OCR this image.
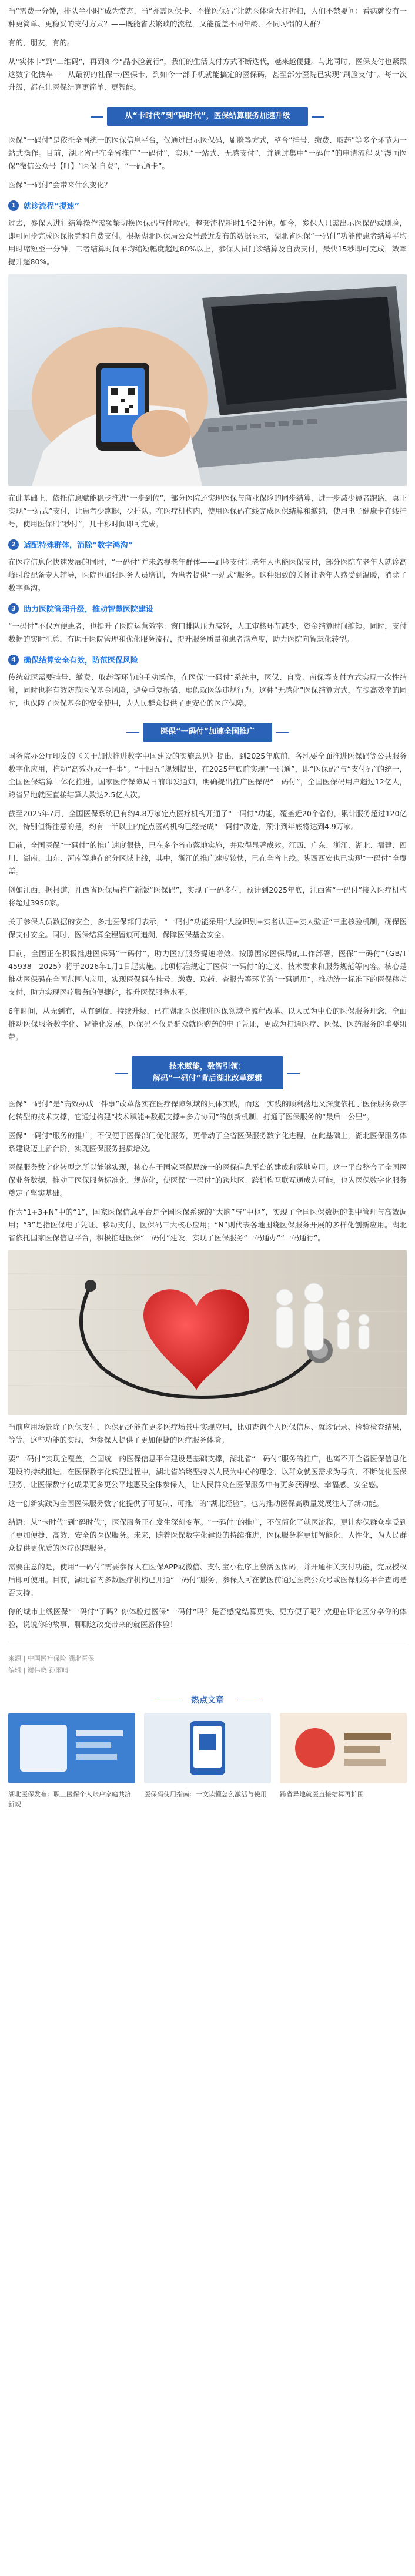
当“需费一分钟，排队半小时”成为常态，当“亦需医保卡、不懂医保码”让就医体验大打折扣，人们不禁要问：看病就没有一种更简单、更稳妥的支付方式？——既能省去繁琐的流程，又能覆盖不同年龄、不同习惯的人群？

有的，朋友，有的。

从“实体卡”到“二维码”，再到如今“晶小脸就行”，我们的生活支付方式不断迭代，越来越便捷。与此同时，医保支付也紧跟这数字化快车——从最初的社保卡/医保卡，到如今一部手机就能搞定的医保码，甚至部分医院已实现“刷脸支付”。每一次升级，都在让医保结算更简单、更智能。

从“卡时代”到“码时代”，医保结算服务加速升级

医保“一码付”是依托全国统一的医保信息平台，仅通过出示医保码，刷脸等方式，整合“挂号、缴费、取药”等多个环节为一站式操作。目前，湖北省已在全省推广“一码付”，实现“一站式、无感支付”，并通过集中“一码付”的申请流程以“漫画医保”微信公众号【叮】“医保·自费”，“一码通卡”。

医保“一码付”会带来什么变化？

1	就诊流程“提速”

过去，参保人进行结算操作需频繁切换医保码与付款码，整套流程耗时1至2分钟。如今，参保人只需出示医保码或刷脸，即可同步完成医保报销和自费支付。根据湖北医保局公众号最近发布的数据显示，湖北省医保“一码付”功能使患者结算平均用时缩短至一分钟，二者结算时间平均缩短幅度超过80%以上，参保人员门诊结算及自费支付，最快15秒即可完成，效率提升超80%。

在此基础上，依托信息赋能稳步推进“一步到位”，部分医院还实现医保与商业保险的同步结算，进一步减少患者跑路，真正实现“一站式”支付，让患者少跑腿，少排队。在医疗机构内，使用医保码在线完成医保结算和缴纳，使用电子健康卡在线挂号，使用医保码“秒付”，几十秒时间即可完成。

2	适配特殊群体，消除“数字鸿沟”

在医疗信息化快速发展的同时，“一码付”并未忽视老年群体——刷脸支付让老年人也能医保支付，部分医院在老年人就诊高峰时段配备专人辅导，医院也加强医务人员培训，为患者提供“一站式”服务。这种细致的关怀让老年人感受到温暖，消除了数字鸿沟。

3	助力医院管理升级，推动智慧医院建设

“一码付”不仅方便患者，也提升了医院运营效率：窗口排队压力减轻，人工审核环节减少，资金结算时间缩短。同时，支付数据的实时汇总，有助于医院管理和优化服务流程，提升服务质量和患者满意度，助力医院向智慧化转型。

4	确保结算安全有效，防范医保风险

传统就医需要挂号、缴费、取药等环节的手动操作，在医保“一码付”系统中，医保、自费、商保等支付方式实现一次性结算，同时也将有效防范医保基金风险，避免重复报销、虚假就医等违规行为。这种“无感化”医保结算方式，在提高效率的同时，也保障了医保基金的安全使用，为人民群众提供了更安心的医疗保障。

医保“一码付”加速全国推广

国务院办公厅印发的《关于加快推进数字中国建设的实施意见》提出，到2025年底前，各地要全面推进医保码等公共服务数字化应用，推动“高效办成一件事”。“十四五”规划提出，在2025年底前实现“一码通”，即“医保码”与“支付码”的统一，全国医保结算一体化推进。国家医疗保障局日前印发通知，明确提出推广医保码“一码付”，全国医保码用户超过12亿人，跨省异地就医直接结算人数达2.5亿人次。

截至2025年7月，全国医保系统已有约4.8万家定点医疗机构开通了“一码付”功能，覆盖近20个省份，累计服务超过120亿次，特别值得注意的是，约有一半以上的定点医药机构已经完成“一码付”改造，预计到年底将达到4.9万家。

目前，全国医保“一码付”的推广速度很快，已在多个省市落地实施，并取得显著成效。江西、广东、浙江、湖北、福建、四川、湖南、山东、河南等地在部分区域上线，其中，浙江的推广速度较快，已在全省上线。陕西西安也已实现“一码付”全覆盖。

例如江西，据报道，江西省医保局推广新版“医保码”，实现了一码多付，预计到2025年底，江西省“一码付”接入医疗机构将超过3950家。

关于参保人员数据的安全，多地医保部门表示，“一码付”功能采用“人脸识别+实名认证+实人验证”三重核验机制，确保医保支付安全。同时，医保结算全程留痕可追溯，保障医保基金安全。

目前，全国正在积极推进医保码“一码付”，助力医疗服务提速增效。按照国家医保局的工作部署，医保“一码付”（GB/T 45938—2025）将于2026年1月1日起实施。此项标准规定了医保“一码付”的定义、技术要求和服务规范等内容。核心是推动医保码在全国范围内应用，实现医保码在挂号、缴费、取药、查报告等环节的“一码通用”，推动统一标准下的医保移动支付，助力实现医疗服务的便捷化，提升医保服务水平。

6年时间，从无到有，从有到优，持续升级，已在湖北医保推进医保领域全流程改革、以人民为中心的医保服务理念，全面推动医保服务数字化、智能化发展。医保码不仅是群众就医购药的电子凭证，更成为打通医疗、医保、医药服务的重要纽带。

技术赋能，数智引领：
解码“一码付”背后湖北改革逻辑

医保“一码付”是“高效办成一件事”改革落实在医疗保障领域的具体实践，而这一实践的顺利落地又深度依托于医保服务数字化转型的技术支撑，它通过构建“技术赋能+数据支撑+多方协同”的创新机制，打通了医保服务的“最后一公里”。

医保“一码付”服务的推广，不仅便于医保部门优化服务，更带动了全省医保服务数字化进程，在此基础上，湖北医保服务体系建设迈上新台阶，实现医保服务提质增效。

医保服务数字化转型之所以能够实现，核心在于国家医保局统一的医保信息平台的建成和落地应用。这一平台整合了全国医保业务数据，推动了医保服务标准化、规范化，使医保“一码付”的跨地区、跨机构互联互通成为可能，也为医保数字化服务奠定了坚实基础。

作为“1+3+N”中的“1”，国家医保信息平台是全国医保系统的“大脑”与“中枢”，实现了全国医保数据的集中管理与高效调用；“3”是指医保电子凭证、移动支付、医保码三大核心应用；“N”则代表各地围绕医保服务开展的多样化创新应用。湖北省依托国家医保信息平台，积极推进医保“一码付”建设，实现了医保服务“一码通办”“一码通行”。

当前应用场景除了医保支付，医保码还能在更多医疗场景中实现应用，比如查询个人医保信息、就诊记录、检验检查结果，等等。这些功能的实现，为参保人提供了更加便捷的医疗服务体验。

要“一码付”实现全覆盖，全国统一的医保信息平台建设是基础支撑，湖北省“一码付”服务的推广，也离不开全省医保信息化建设的持续推进。在医保数字化转型过程中，湖北省始终坚持以人民为中心的理念，以群众就医需求为导向，不断优化医保服务，让医保数字化成果更多更公平地惠及全体参保人，让人民群众在医保服务中有更多获得感、幸福感、安全感。

这一创新实践为全国医保服务数字化提供了可复制、可推广的“湖北经验”，也为推动医保高质量发展注入了新动能。

结语：从“卡时代”到“码时代”，医保服务正在发生深刻变革。“一码付”的推广，不仅简化了就医流程，更让参保群众享受到了更加便捷、高效、安全的医保服务。未来，随着医保数字化建设的持续推进，医保服务将更加智能化、人性化，为人民群众提供更优质的医疗保障服务。

需要注意的是，使用“一码付”需要参保人在医保APP或微信、支付宝小程序上激活医保码，并开通相关支付功能，完成授权后即可使用。目前，湖北省内多数医疗机构已开通“一码付”服务，参保人可在就医前通过医院公众号或医保服务平台查询是否支持。

你的城市上线医保“一码付”了吗？你体验过医保“一码付”吗？是否感觉结算更快、更方便了呢？欢迎在评论区分享你的体验，说说你的故事，聊聊这改变带来的就医新体验！

来源 | 中国医疗保险 湖北医保
编辑 | 谢伟晓 孙雨晴
热点文章
湖北医保发布：职工医保个人账户家庭共济新规
医保码使用指南：一文读懂怎么激活与使用	跨省异地就医直接结算再扩围
